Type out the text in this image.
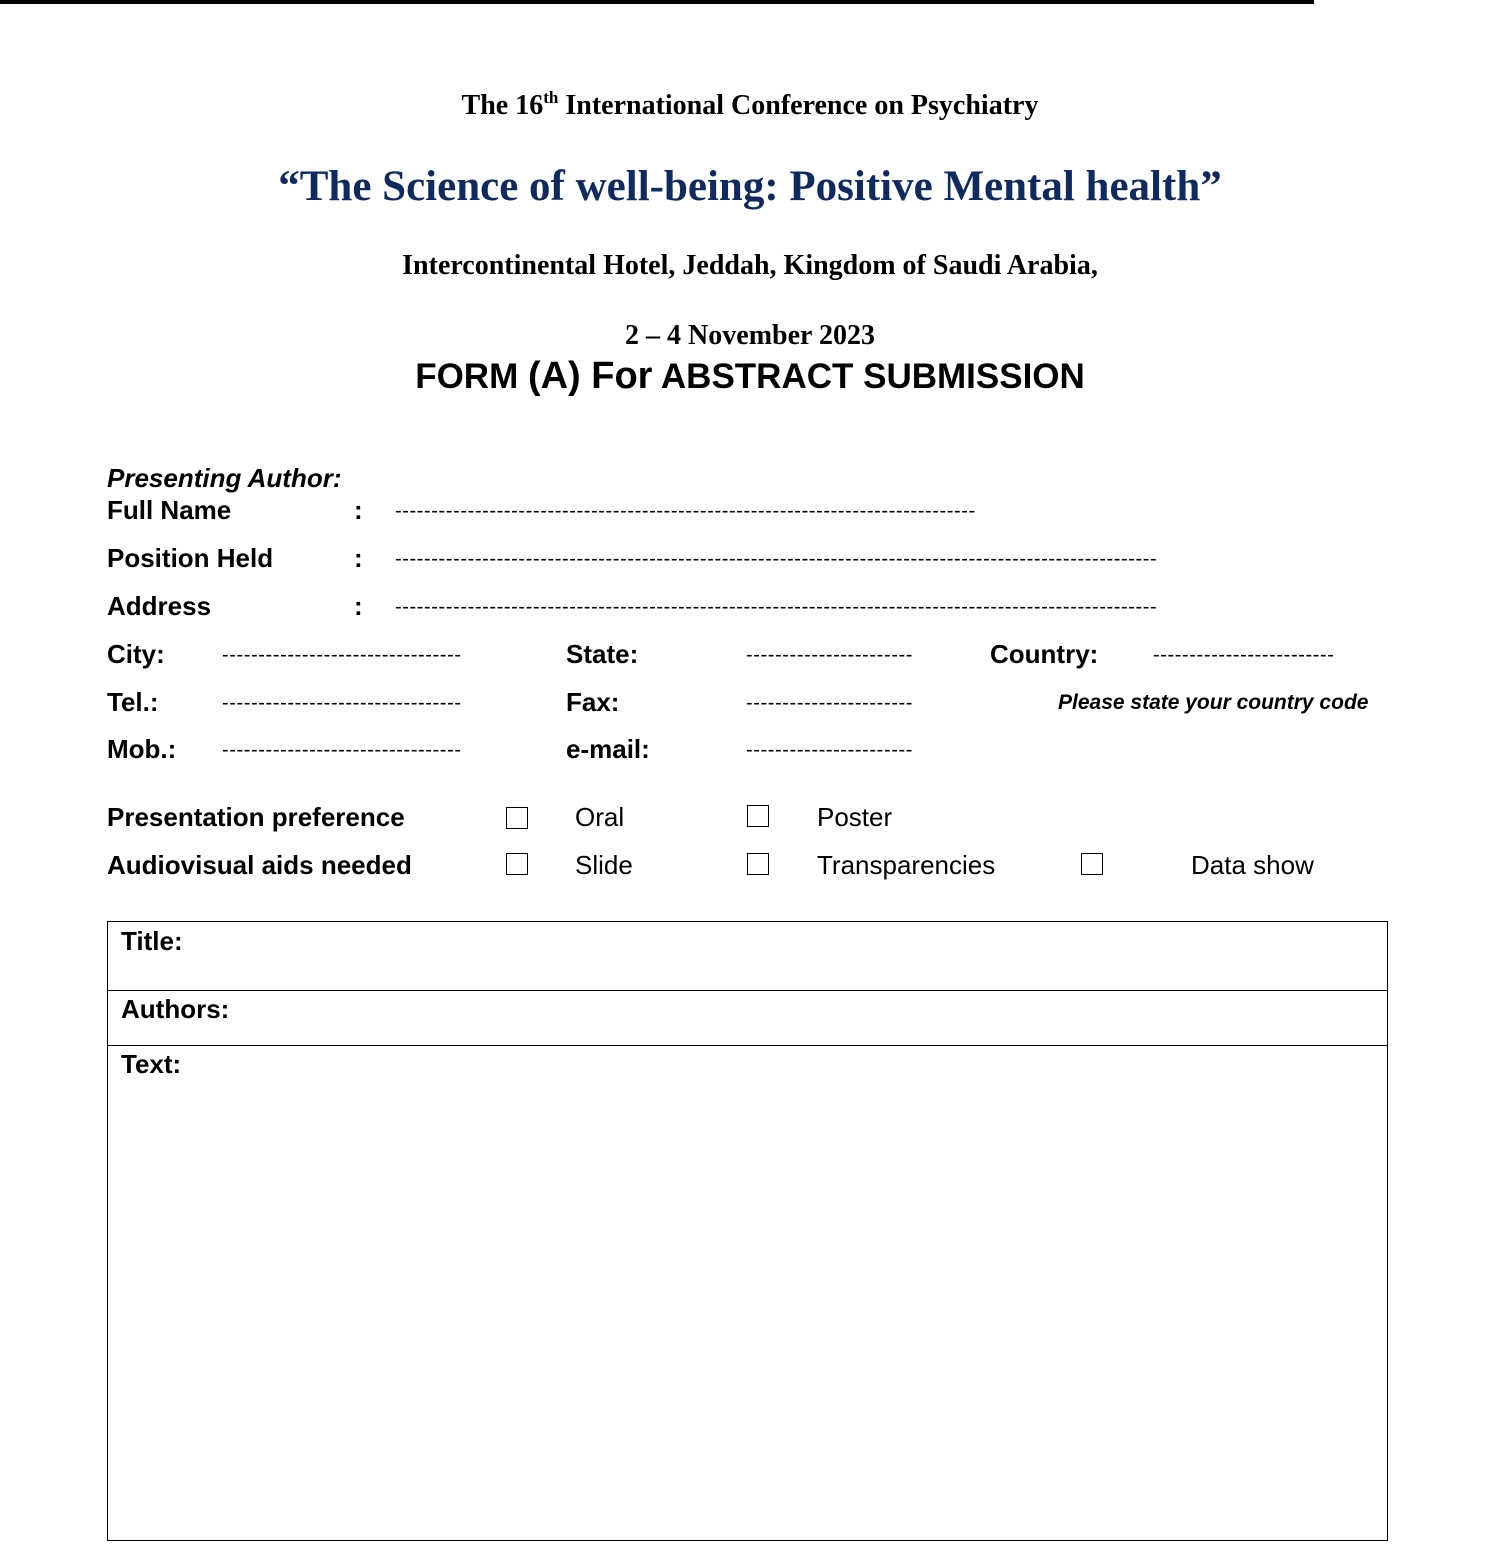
The 16th International Conference on Psychiatry
“The Science of well-being: Positive Mental health”
Intercontinental Hotel, Jeddah, Kingdom of Saudi Arabia,
2 – 4 November 2023
FORM (A) For ABSTRACT SUBMISSION
Presenting Author:
Full Name	: --------------------------------------------------------------------------------
Position Held	: ---------------------------------------------------------------------------------------------------------
Address	: ---------------------------------------------------------------------------------------------------------
City:	---------------------------------	State:	-----------------------	Country:	-------------------------
Tel.:	---------------------------------	Fax:	-----------------------	Please state your country code
Mob.: ---------------------------------	e-mail:	-----------------------
Presentation preference	Oral	Poster
Audiovisual aids needed	Slide	Transparencies	Data show
Title:
Authors:
Text:
